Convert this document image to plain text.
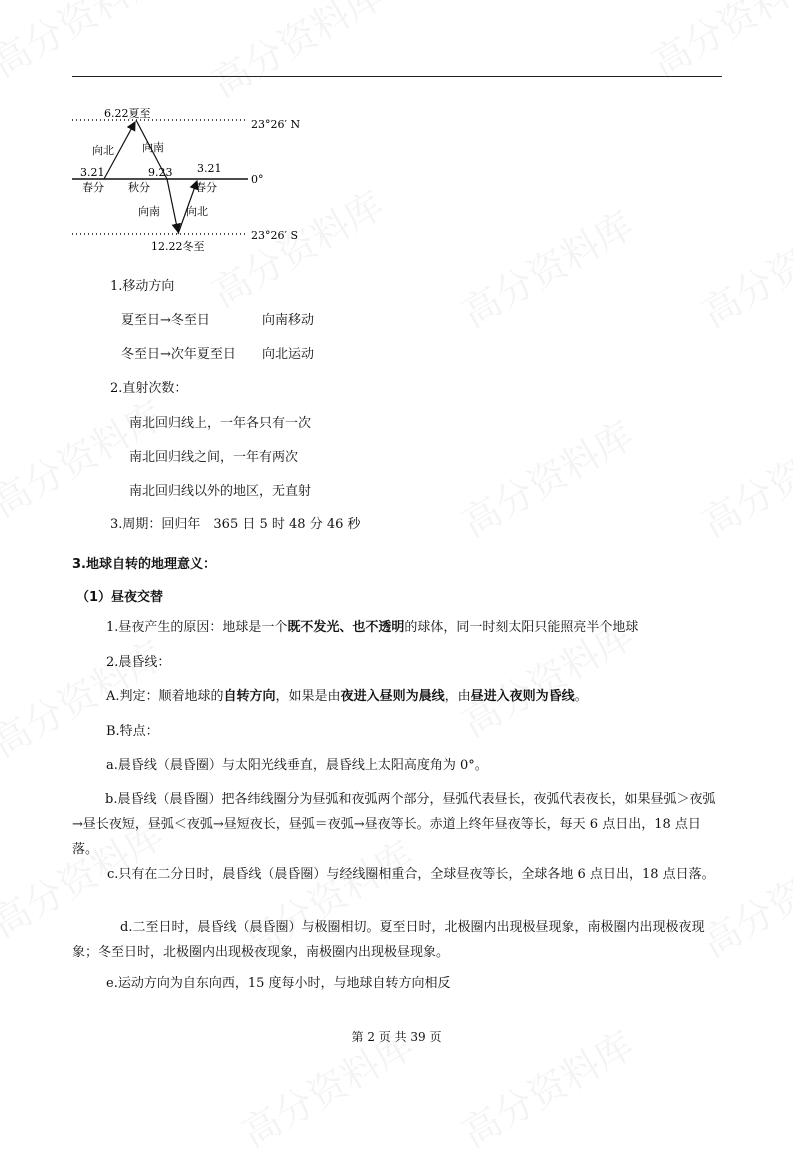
6.22夏至
12.22冬至
23°26′ N
0°
23°26′ S
3.21
春分
9.23
秋分
3.21
春分
向北	向南
向南 向北
1.移动方向
夏至日→冬至日	向南移动
冬至日→次年夏至日 向北运动
2.直射次数：
南北回归线上，一年各只有一次
南北回归线之间，一年有两次
南北回归线以外的地区，无直射
3.周期：回归年　365 日 5 时 48 分 46 秒
3.地球自转的地理意义：
（1）昼夜交替
1.昼夜产生的原因：地球是一个既不发光、也不透明的球体，同一时刻太阳只能照亮半个地球
2.晨昏线：
A.判定：顺着地球的自转方向，如果是由夜进入昼则为晨线，由昼进入夜则为昏线。
B.特点：
a.晨昏线（晨昏圈）与太阳光线垂直，晨昏线上太阳高度角为 0°。
b.晨昏线（晨昏圈）把各纬线圈分为昼弧和夜弧两个部分，昼弧代表昼长，夜弧代表夜长，如果昼弧＞夜弧→昼长夜短，昼弧＜夜弧→昼短夜长，昼弧＝夜弧→昼夜等长。赤道上终年昼夜等长，每天 6 点日出，18 点日落。
c.只有在二分日时，晨昏线（晨昏圈）与经线圈相重合，全球昼夜等长，全球各地 6 点日出，18 点日落。
d.二至日时，晨昏线（晨昏圈）与极圈相切。夏至日时，北极圈内出现极昼现象，南极圈内出现极夜现象；冬至日时，北极圈内出现极夜现象，南极圈内出现极昼现象。
e.运动方向为自东向西，15 度每小时，与地球自转方向相反
第 2 页 共 39 页
